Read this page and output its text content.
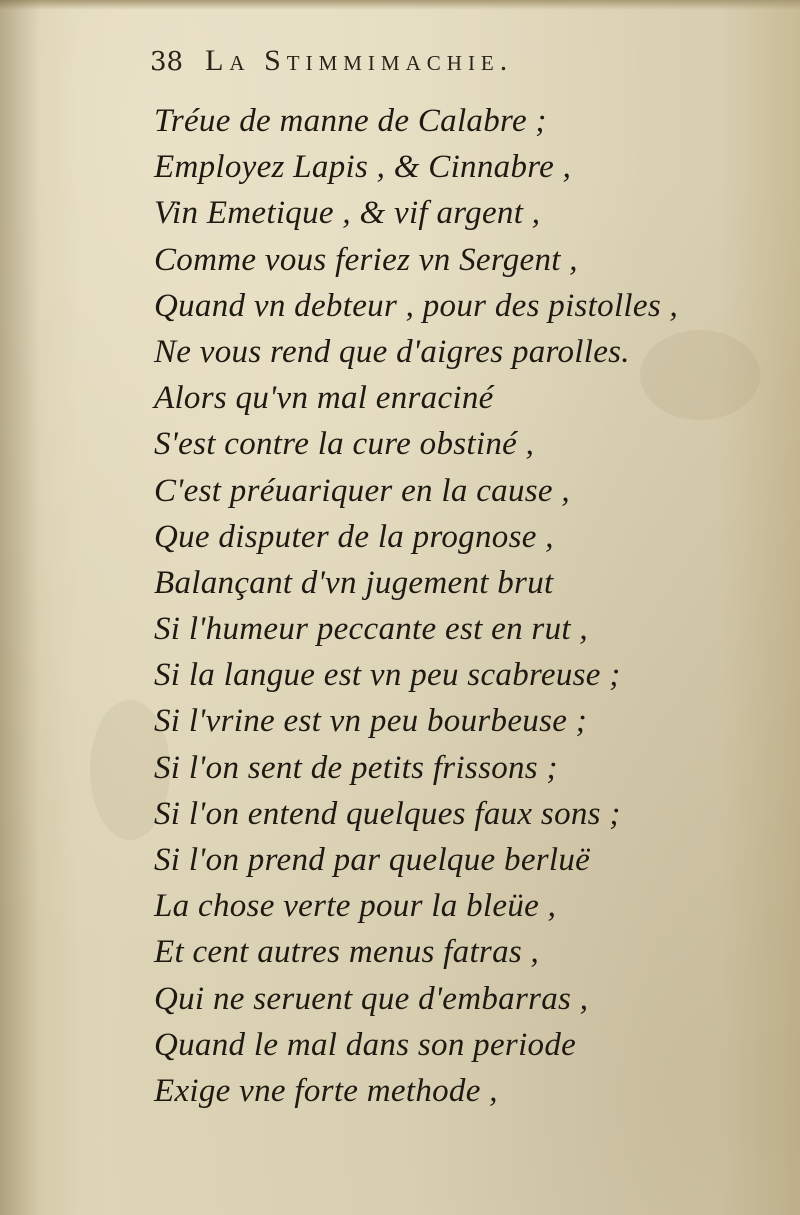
38 La Stimmimachie.
Tréue de manne de Calabre ;
Employez Lapis , & Cinnabre ,
Vin Emetique , & vif argent ,
Comme vous feriez vn Sergent ,
Quand vn debteur , pour des pistolles ,
Ne vous rend que d'aigres parolles.
Alors qu'vn mal enraciné
S'est contre la cure obstiné ,
C'est préuariquer en la cause ,
Que disputer de la prognose ,
Balançant d'vn jugement brut
Si l'humeur peccante est en rut ,
Si la langue est vn peu scabreuse ;
Si l'vrine est vn peu bourbeuse ;
Si l'on sent de petits frissons ;
Si l'on entend quelques faux sons ;
Si l'on prend par quelque berluë
La chose verte pour la bleüe ,
Et cent autres menus fatras ,
Qui ne seruent que d'embarras ,
Quand le mal dans son periode
Exige vne forte methode ,
